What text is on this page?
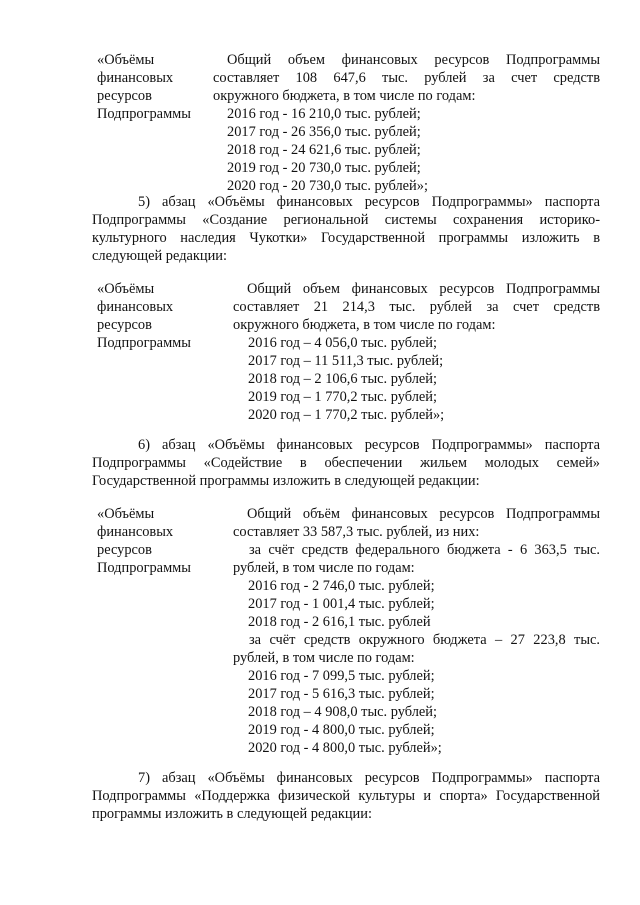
«Объёмы
финансовых
ресурсов
Подпрограммы
Общий объем финансовых ресурсов Подпрограммы
составляет 108 647,6 тыс. рублей за счет средств
окружного бюджета, в том числе по годам:
2016 год - 16 210,0 тыс. рублей;
2017 год - 26 356,0 тыс. рублей;
2018 год - 24 621,6 тыс. рублей;
2019 год - 20 730,0 тыс. рублей;
2020 год - 20 730,0 тыс. рублей»;
5) абзац «Объёмы финансовых ресурсов Подпрограммы» паспорта
Подпрограммы «Создание региональной системы сохранения историко-
культурного наследия Чукотки» Государственной программы изложить в
следующей редакции:
«Объёмы
финансовых
ресурсов
Подпрограммы
Общий объем финансовых ресурсов Подпрограммы
составляет 21 214,3 тыс. рублей за счет средств
окружного бюджета, в том числе по годам:
2016 год – 4 056,0 тыс. рублей;
2017 год – 11 511,3 тыс. рублей;
2018 год – 2 106,6 тыс. рублей;
2019 год – 1 770,2 тыс. рублей;
2020 год – 1 770,2 тыс. рублей»;
6) абзац «Объёмы финансовых ресурсов Подпрограммы» паспорта
Подпрограммы «Содействие в обеспечении жильем молодых семей»
Государственной программы изложить в следующей редакции:
«Объёмы
финансовых
ресурсов
Подпрограммы
Общий объём финансовых ресурсов Подпрограммы
составляет 33 587,3 тыс. рублей, из них:
за счёт средств федерального бюджета - 6 363,5 тыс.
рублей, в том числе по годам:
2016 год - 2 746,0 тыс. рублей;
2017 год - 1 001,4 тыс. рублей;
2018 год - 2 616,1 тыс. рублей
за счёт средств окружного бюджета – 27 223,8 тыс.
рублей, в том числе по годам:
2016 год - 7 099,5 тыс. рублей;
2017 год - 5 616,3 тыс. рублей;
2018 год – 4 908,0 тыс. рублей;
2019 год - 4 800,0 тыс. рублей;
2020 год - 4 800,0 тыс. рублей»;
7) абзац «Объёмы финансовых ресурсов Подпрограммы» паспорта
Подпрограммы «Поддержка физической культуры и спорта» Государственной
программы изложить в следующей редакции:
